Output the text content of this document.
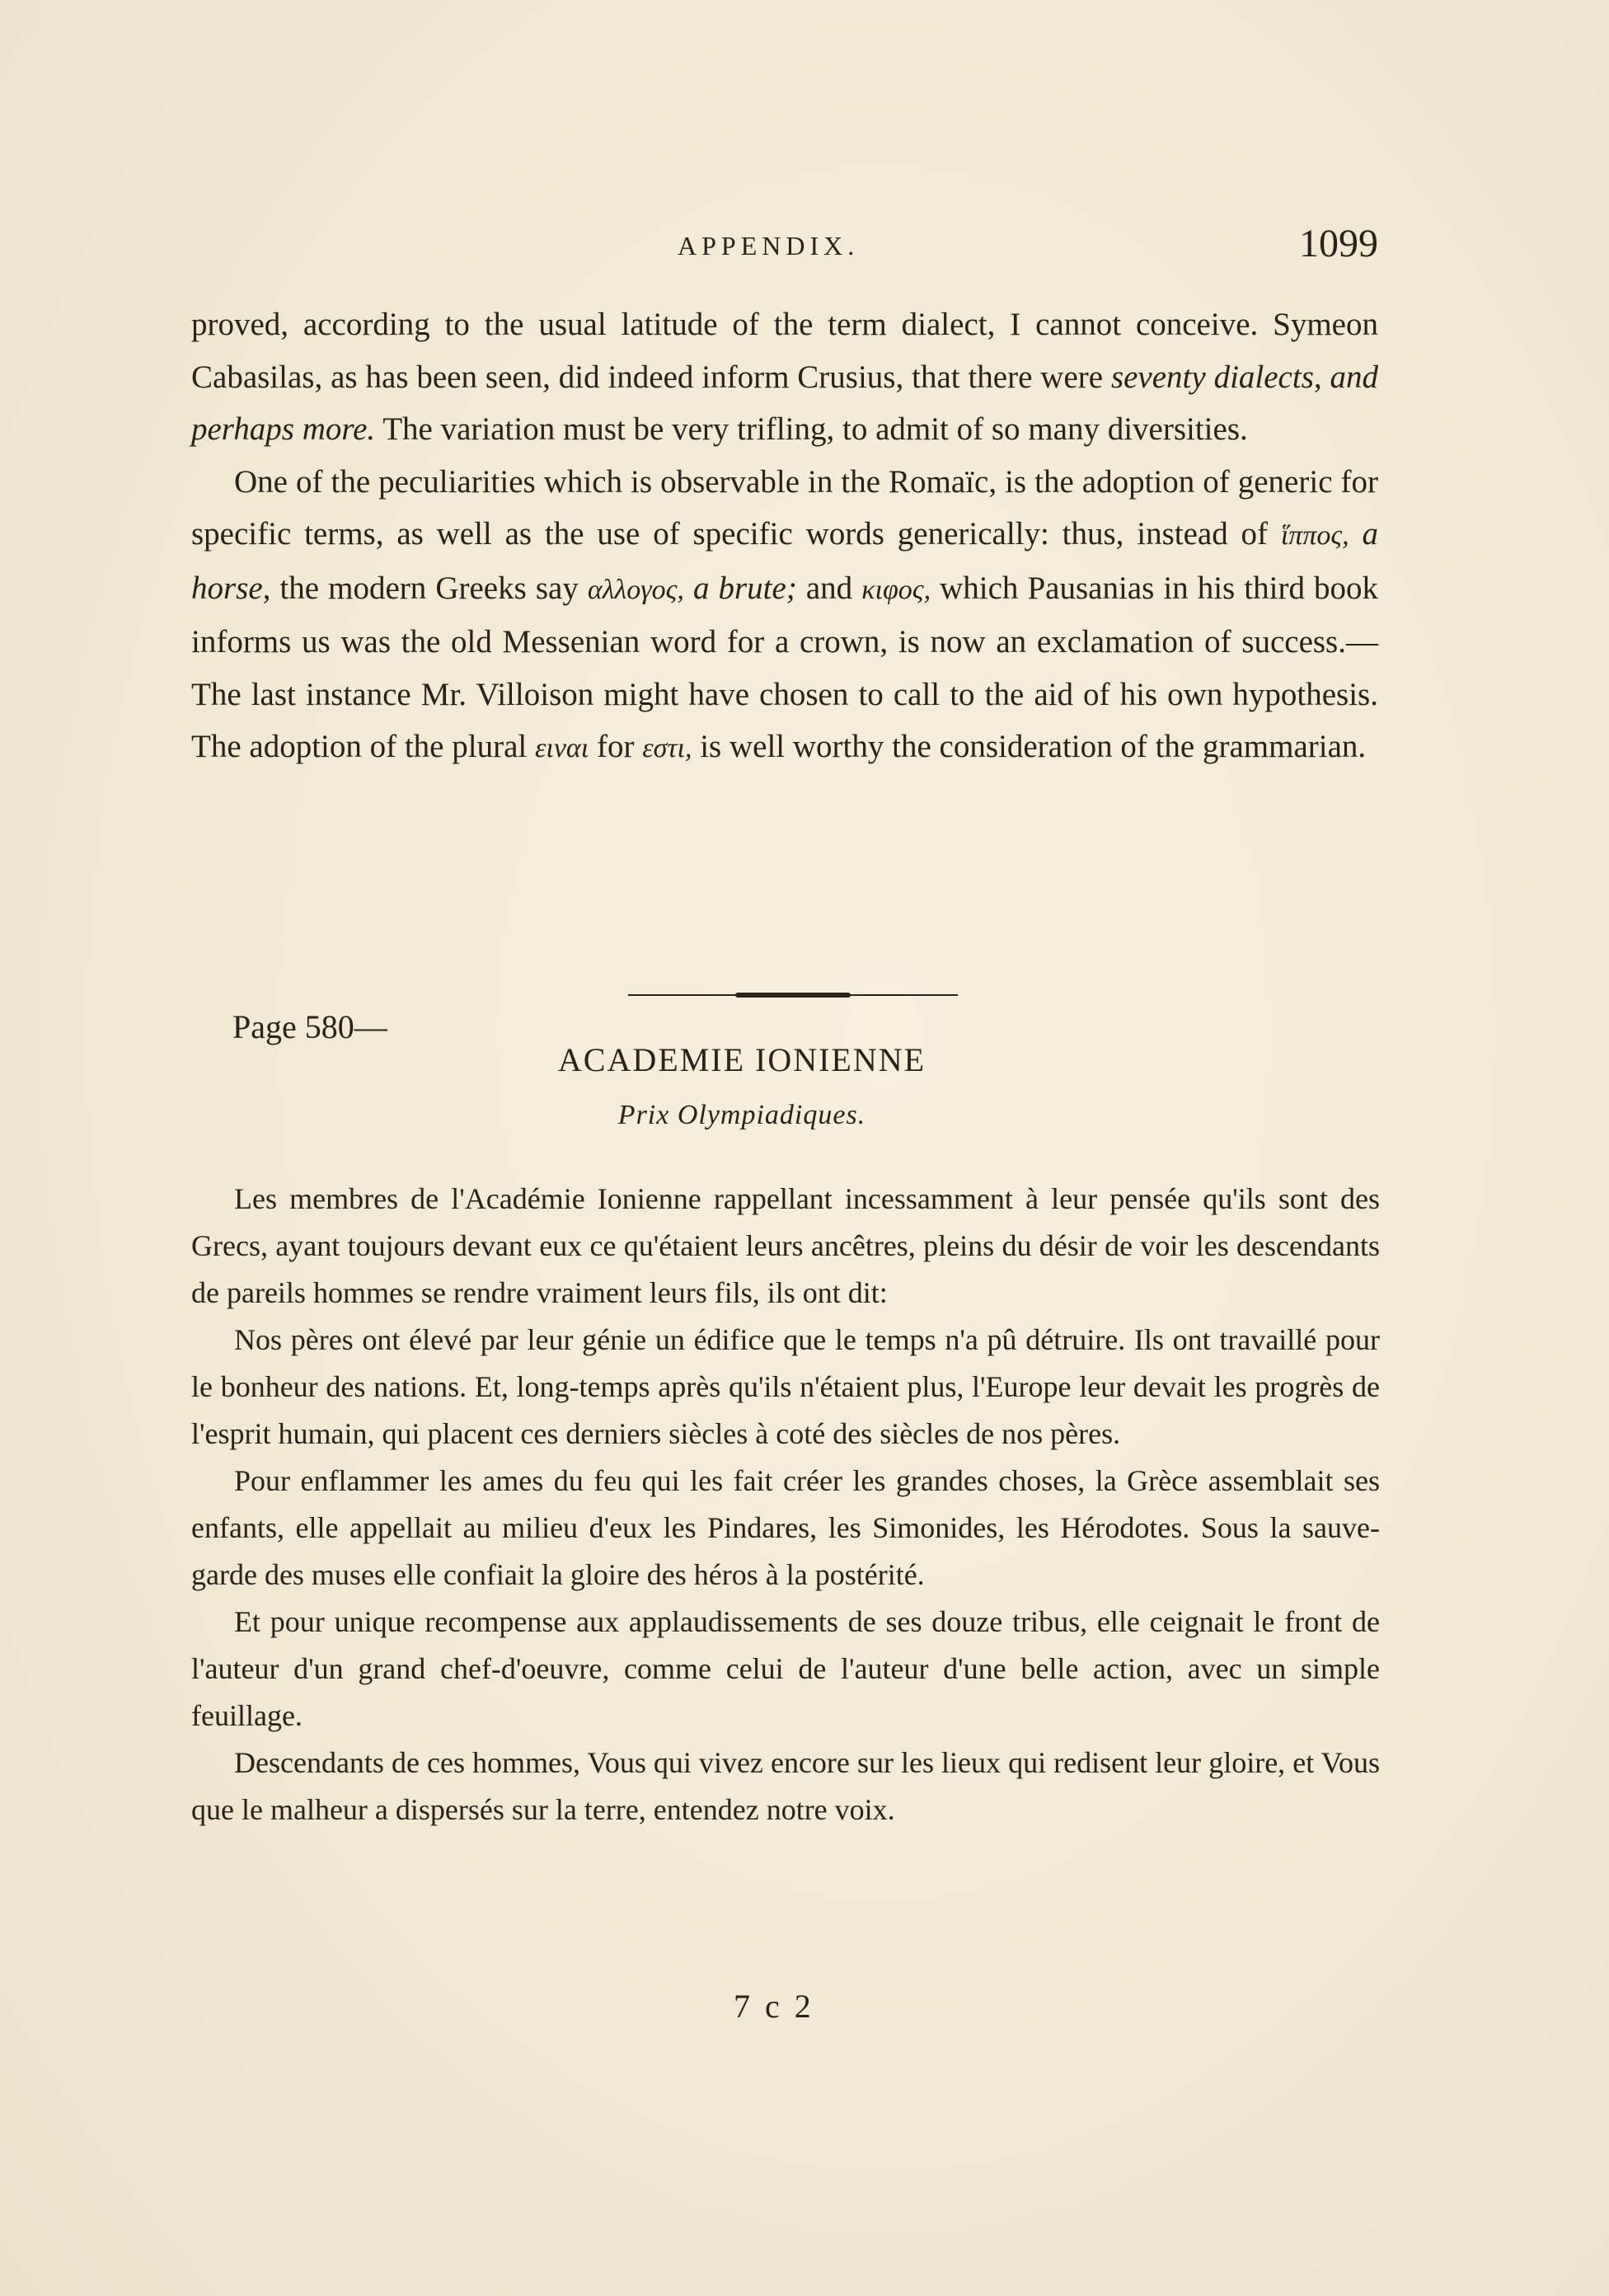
APPENDIX.	1099

proved, according to the usual latitude of the term dialect, I cannot conceive. Symeon Cabasilas, as has been seen, did indeed inform Crusius, that there were seventy dialects, and perhaps more. The variation must be very trifling, to admit of so many diversities.

One of the peculiarities which is observable in the Romaïc, is the adoption of generic for specific terms, as well as the use of specific words generically: thus, instead of ἵππος, a horse, the modern Greeks say αλλογος, a brute; and κιφος, which Pausanias in his third book informs us was the old Messenian word for a crown, is now an exclamation of success.—The last instance Mr. Villoison might have chosen to call to the aid of his own hypothesis. The adoption of the plural ειναι for εστι, is well worthy the consideration of the grammarian.

Page 580—
ACADEMIE IONIENNE
Prix Olympiadiques.

Les membres de l'Académie Ionienne rappellant incessamment à leur pensée qu'ils sont des Grecs, ayant toujours devant eux ce qu'étaient leurs ancêtres, pleins du désir de voir les descendants de pareils hommes se rendre vraiment leurs fils, ils ont dit:

Nos pères ont élevé par leur génie un édifice que le temps n'a pû détruire. Ils ont travaillé pour le bonheur des nations. Et, long-temps après qu'ils n'étaient plus, l'Europe leur devait les progrès de l'esprit humain, qui placent ces derniers siècles à coté des siècles de nos pères.

Pour enflammer les ames du feu qui les fait créer les grandes choses, la Grèce assemblait ses enfants, elle appellait au milieu d'eux les Pindares, les Simonides, les Hérodotes. Sous la sauve-garde des muses elle confiait la gloire des héros à la postérité.

Et pour unique recompense aux applaudissements de ses douze tribus, elle ceignait le front de l'auteur d'un grand chef-d'oeuvre, comme celui de l'auteur d'une belle action, avec un simple feuillage.

Descendants de ces hommes, Vous qui vivez encore sur les lieux qui redisent leur gloire, et Vous que le malheur a dispersés sur la terre, entendez notre voix.

7 c 2
